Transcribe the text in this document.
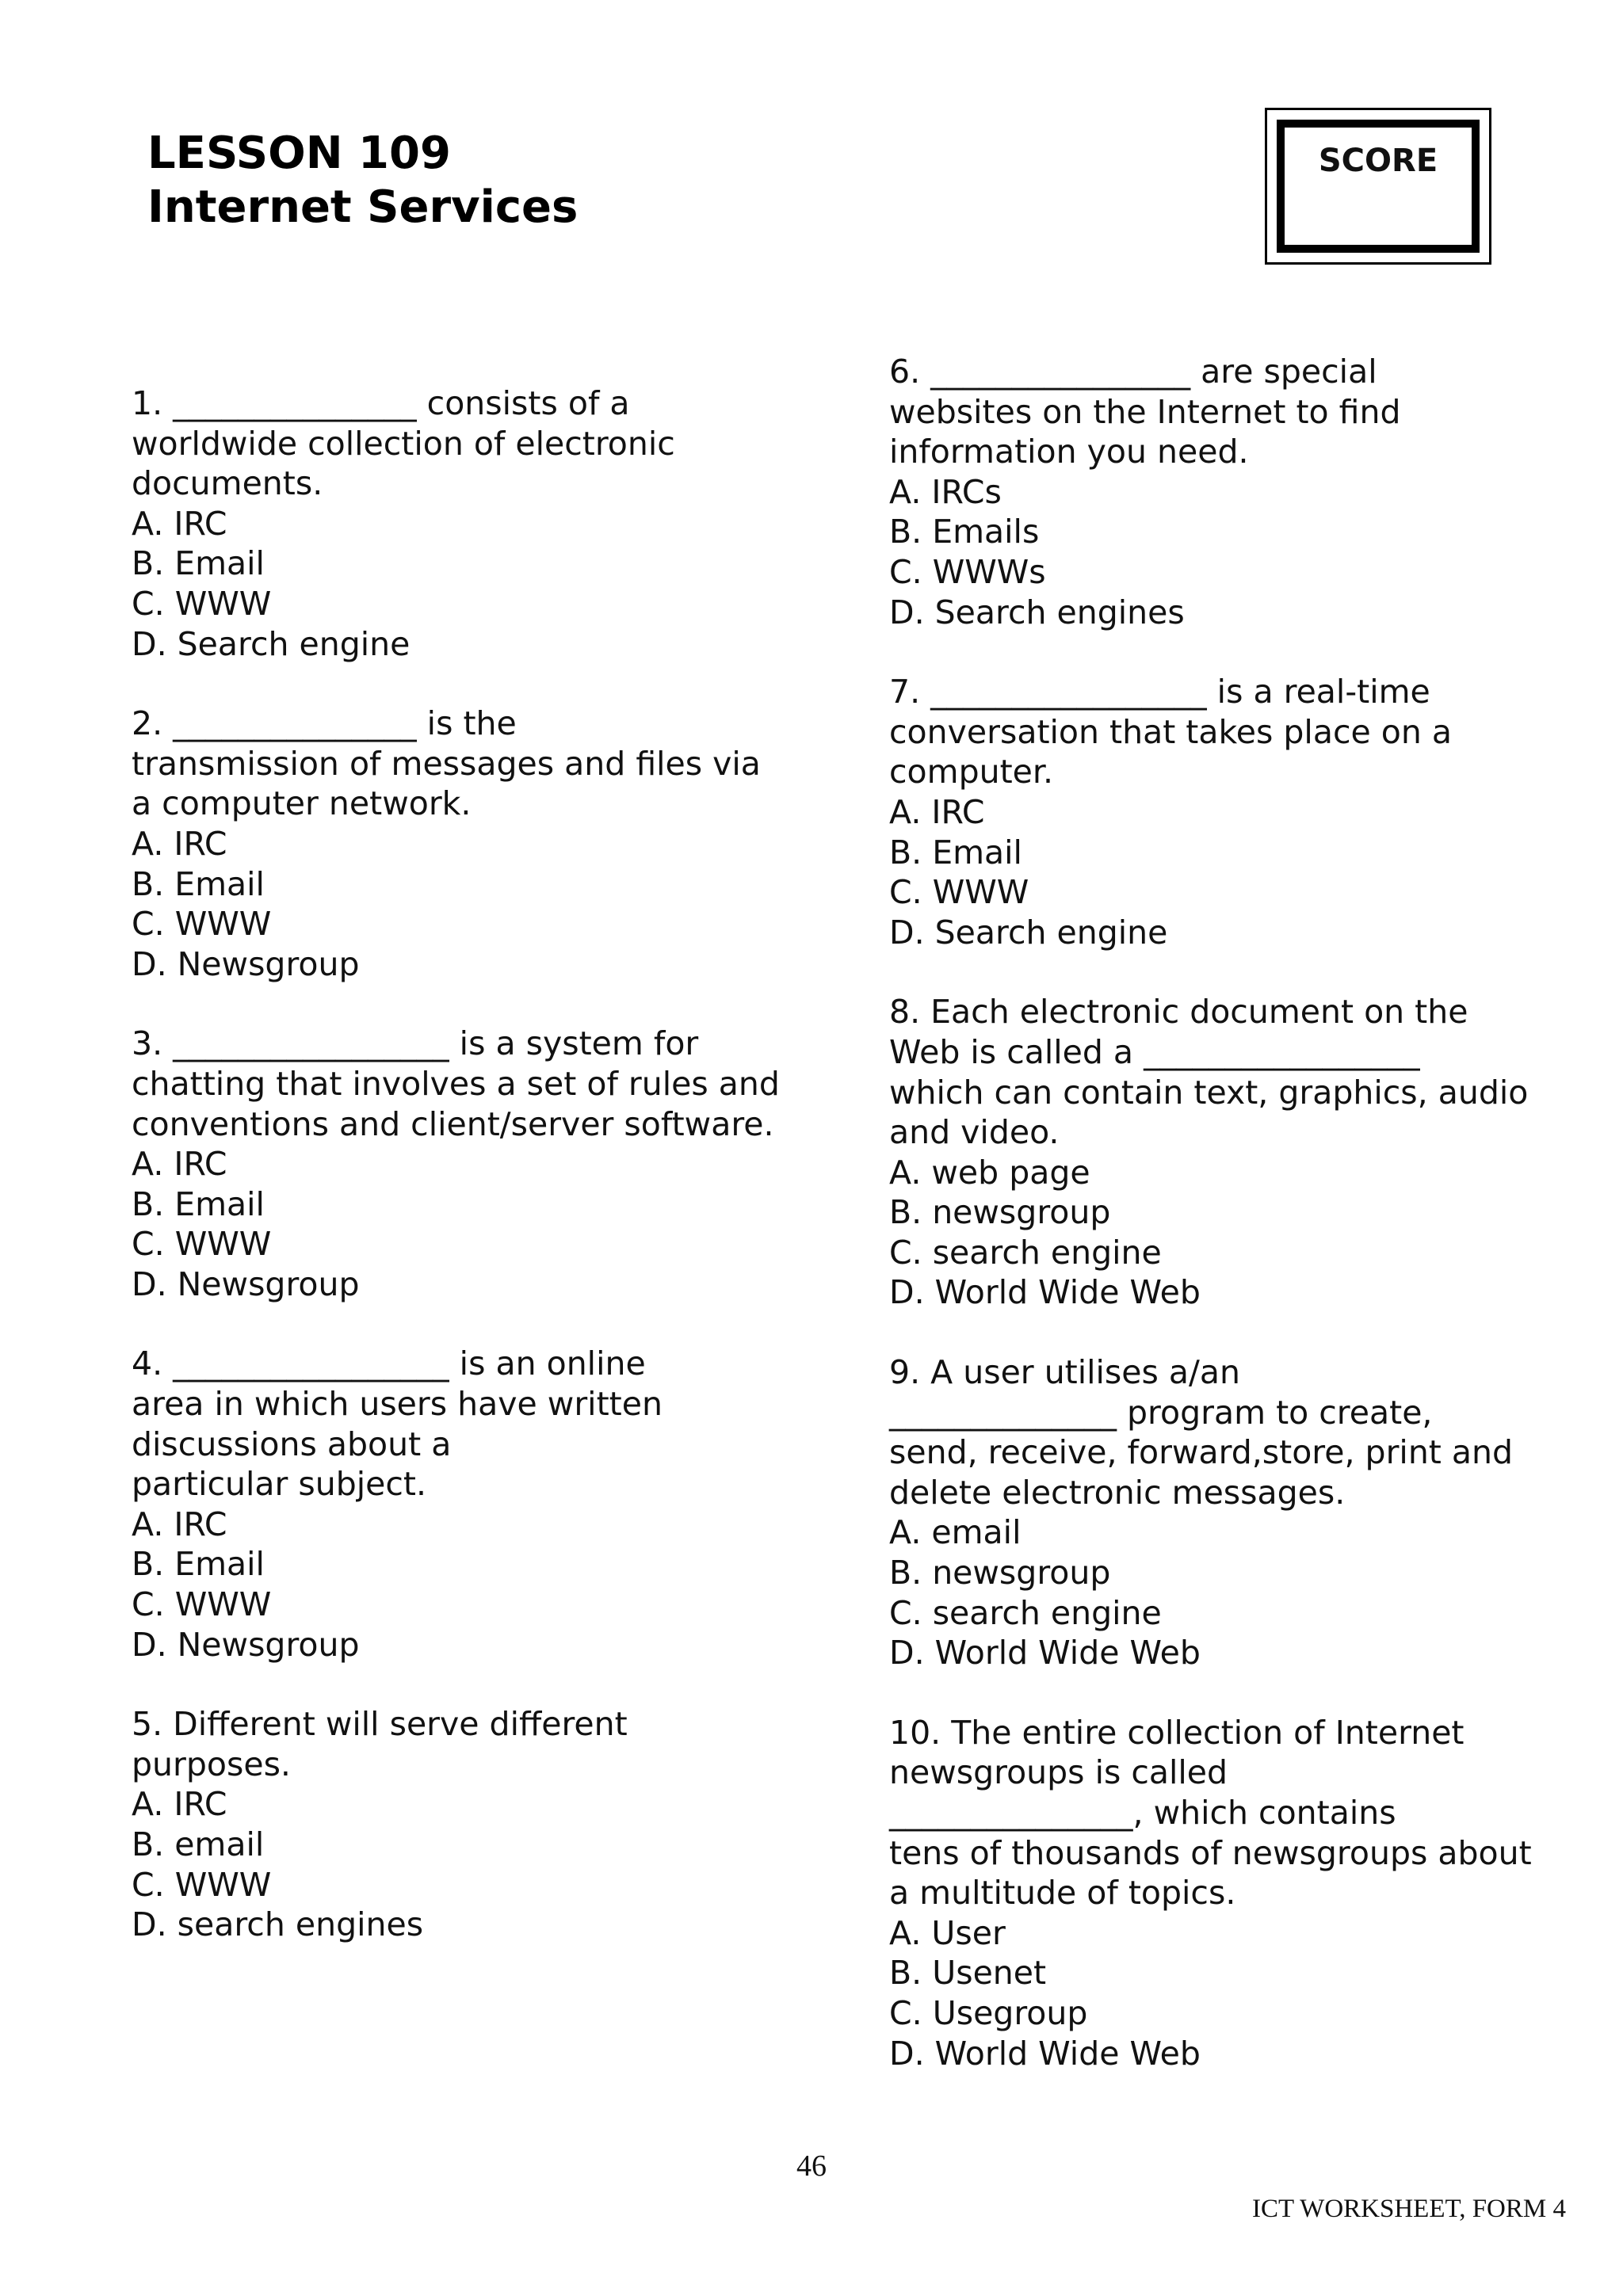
LESSON 109
Internet Services
SCORE
1. _______________ consists of a
worldwide collection of electronic
documents.
A. IRC
B. Email
C. WWW
D. Search engine
2. _______________ is the
transmission of messages and files via
a computer network.
A. IRC
B. Email
C. WWW
D. Newsgroup
3. _________________ is a system for
chatting that involves a set of rules and
conventions and client/server software.
A. IRC
B. Email
C. WWW
D. Newsgroup
4. _________________ is an online
area in which users have written
discussions about a
particular subject.
A. IRC
B. Email
C. WWW
D. Newsgroup
5. Different will serve different
purposes.
A. IRC
B. email
C. WWW
D. search engines
6. ________________ are special
websites on the Internet to find
information you need.
A. IRCs
B. Emails
C. WWWs
D. Search engines
7. _________________ is a real-time
conversation that takes place on a
computer.
A. IRC
B. Email
C. WWW
D. Search engine
8. Each electronic document on the
Web is called a _________________
which can contain text, graphics, audio
and video.
A. web page
B. newsgroup
C. search engine
D. World Wide Web
9. A user utilises a/an
______________ program to create,
send, receive, forward,store, print and
delete electronic messages.
A. email
B. newsgroup
C. search engine
D. World Wide Web
10. The entire collection of Internet
newsgroups is called
_______________, which contains
tens of thousands of newsgroups about
a multitude of topics.
A. User
B. Usenet
C. Usegroup
D. World Wide Web
46
ICT WORKSHEET, FORM 4
